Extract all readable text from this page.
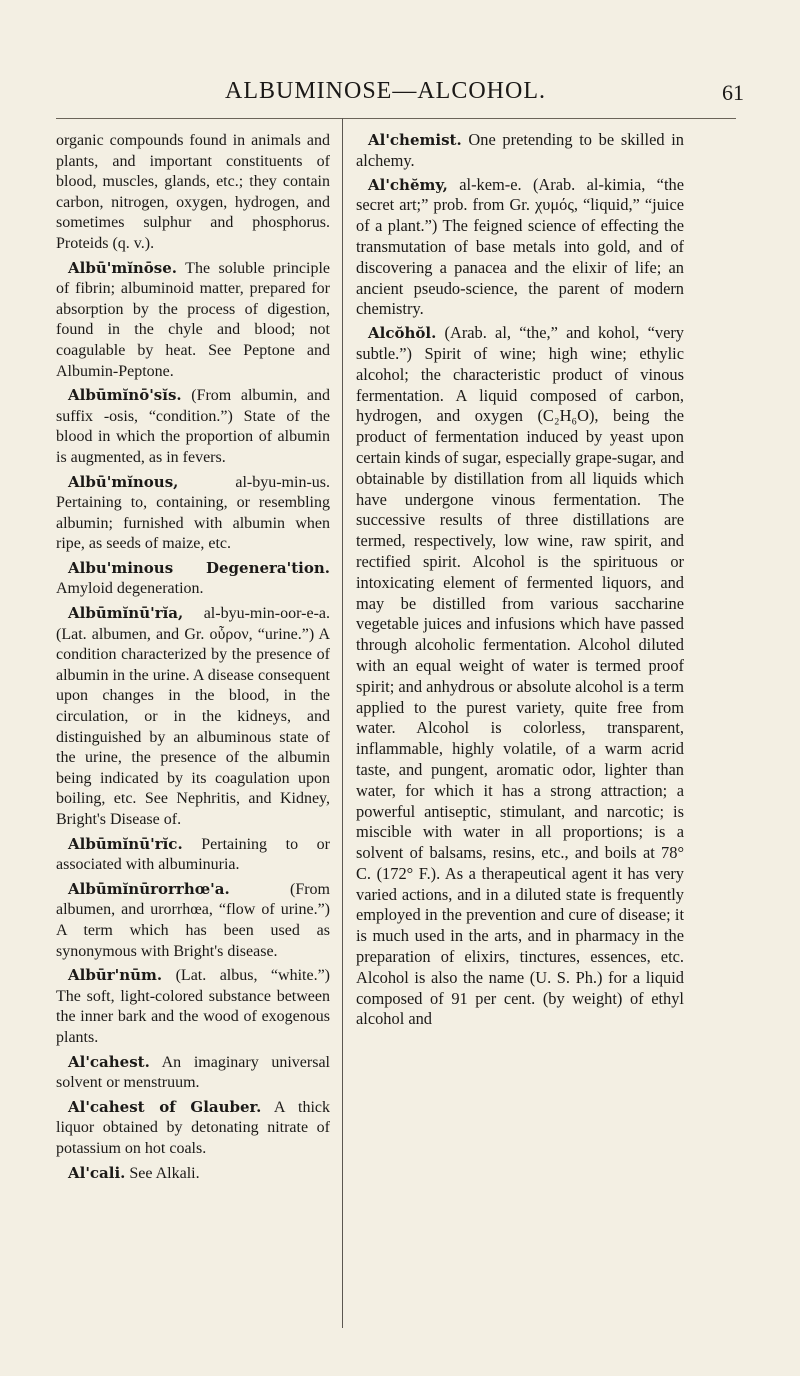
ALBUMINOSE—ALCOHOL.	61

organic compounds found in animals and plants, and important constituents of blood, muscles, glands, etc.; they contain carbon, nitrogen, oxygen, hydrogen, and sometimes sulphur and phosphorus. Proteids (q. v.).

Albū'mĭnōse. The soluble principle of fibrin; albuminoid matter, prepared for absorption by the process of digestion, found in the chyle and blood; not coagulable by heat. See Peptone and Albumin-Peptone.

Albūmĭnō'sĭs. (From albumin, and suffix -osis, “condition.”) State of the blood in which the proportion of albumin is augmented, as in fevers.

Albū'mĭnous,	al-byu-min-us. Pertaining to, containing, or resembling albumin; furnished with albumin when ripe, as seeds of maize, etc.

Albu'minous Degenera'tion. Amyloid degeneration.

Albūmĭnū'rĭa, al-byu-min-oor-e-a. (Lat. albumen, and Gr. οὖρον, “urine.”) A condition characterized by the presence of albumin in the urine. A disease consequent upon changes in the blood, in the circulation, or in the kidneys, and distinguished by an albuminous state of the urine, the presence of the albumin being indicated by its coagulation upon boiling, etc. See Nephritis, and Kidney, Bright's Disease of.

Albūmĭnū'rĭc. Pertaining to or associated with albuminuria.

Albūmĭnūrorrhœ'a.	(From albumen, and urorrhœa, “flow of urine.”) A term which has been used as synonymous with Bright's disease.

Albūr'nūm. (Lat. albus, “white.”) The soft, light-colored substance between the inner bark and the wood of exogenous plants.

Al'cahest. An imaginary universal solvent or menstruum.

Al'cahest of Glauber. A thick liquor obtained by detonating nitrate of potassium on hot coals.

Al'cali. See Alkali.

Al'chemist. One pretending to be skilled in alchemy.

Al'chĕmy, al-kem-e. (Arab. al-kimia, “the secret art;” prob. from Gr. χυμός, “liquid,” “juice of a plant.”) The feigned science of effecting the transmutation of base metals into gold, and of discovering a panacea and the elixir of life; an ancient pseudo-science, the parent of modern chemistry.

Alcŏhŏl. (Arab. al, “the,” and kohol, “very subtle.”) Spirit of wine; high wine; ethylic alcohol; the characteristic product of vinous fermentation. A liquid composed of carbon, hydrogen, and oxygen (C₂H₆O), being the product of fermentation induced by yeast upon certain kinds of sugar, especially grape-sugar, and obtainable by distillation from all liquids which have undergone vinous fermentation. The successive results of three distillations are termed, respectively, low wine, raw spirit, and rectified spirit. Alcohol is the spirituous or intoxicating element of fermented liquors, and may be distilled from various saccharine vegetable juices and infusions which have passed through alcoholic fermentation. Alcohol diluted with an equal weight of water is termed proof spirit; and anhydrous or absolute alcohol is a term applied to the purest variety, quite free from water. Alcohol is colorless, transparent, inflammable, highly volatile, of a warm acrid taste, and pungent, aromatic odor, lighter than water, for which it has a strong attraction; a powerful antiseptic, stimulant, and narcotic; is miscible with water in all proportions; is a solvent of balsams, resins, etc., and boils at 78° C. (172° F.). As a therapeutical agent it has very varied actions, and in a diluted state is frequently employed in the prevention and cure of disease; it is much used in the arts, and in pharmacy in the preparation of elixirs, tinctures, essences, etc. Alcohol is also the name (U. S. Ph.) for a liquid composed of 91 per cent. (by weight) of ethyl alcohol and
